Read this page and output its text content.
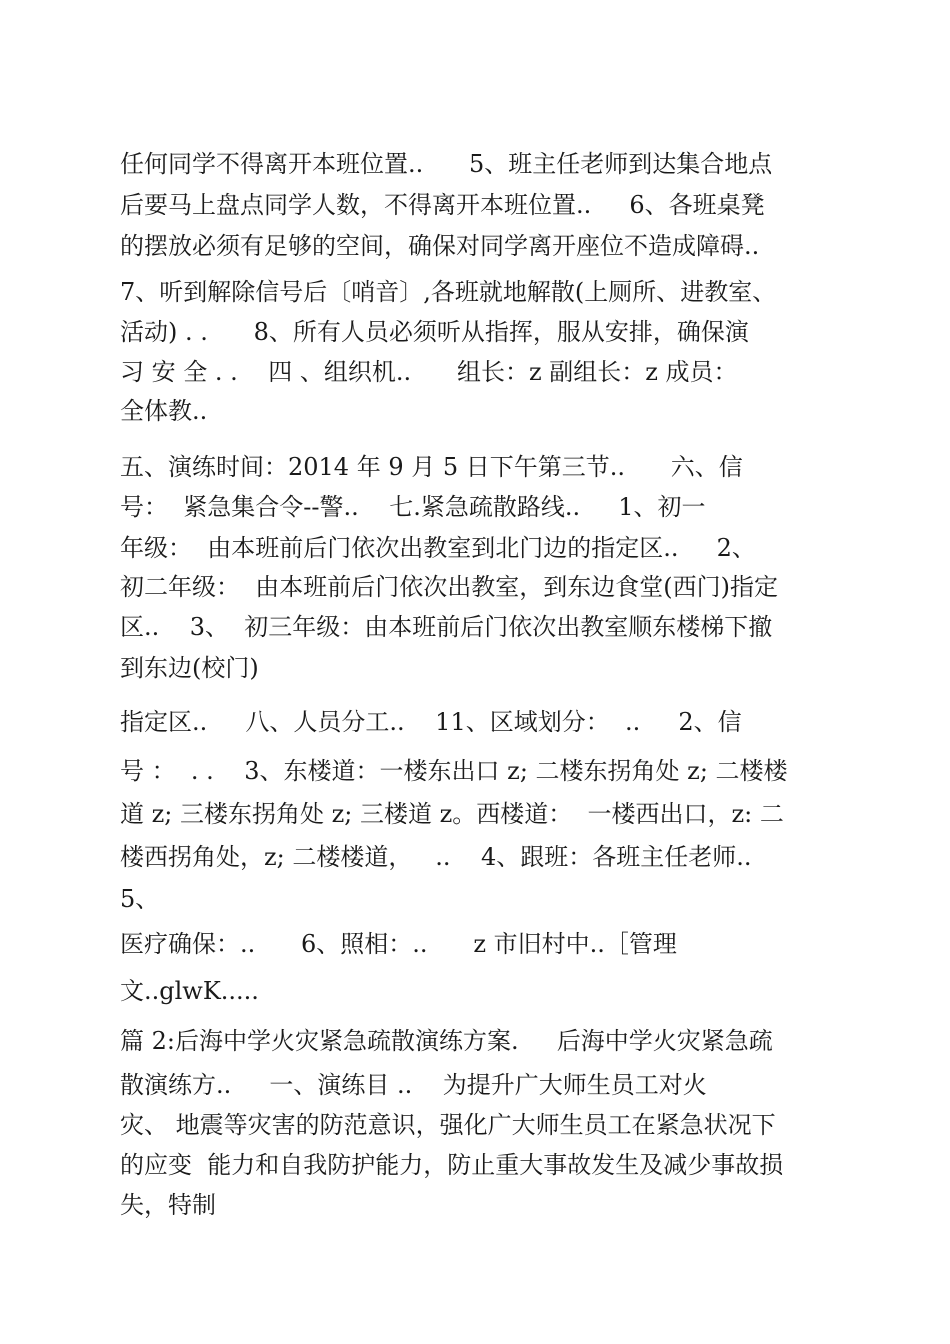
任何同学不得离开本班位置..      5、班主任老师到达集合地点
后要马上盘点同学人数，不得离开本班位置..     6、各班桌凳
的摆放必须有足够的空间，确保对同学离开座位不造成障碍..
7、听到解除信号后〔哨音〕,各班就地解散(上厕所、进教室、
活动) . .      8、所有人员必须听从指挥，服从安排，确保演
习 安 全 . .    四 、组织机..      组长：z 副组长：z 成员：
全体教..
五、演练时间：2014 年 9 月 5 日下午第三节..      六、信
号：  紧急集合令--警..    七.紧急疏散路线..     1、初一
年级：  由本班前后门依次出教室到北门边的指定区..     2、
初二年级：  由本班前后门依次出教室，到东边食堂(西门)指定
区..    3、  初三年级：由本班前后门依次出教室顺东楼梯下撤
到东边(校门)
指定区..     八、人员分工..    11、区域划分：  ..     2、信
号 ：  . .    3、东楼道：一楼东出口 z; 二楼东拐角处 z; 二楼楼
道 z; 三楼东拐角处 z; 三楼道 z。西楼道：  一楼西出口，z: 二
楼西拐角处，z; 二楼楼道，   ..    4、跟班：各班主任老师..
5、
医疗确保：..      6、照相：..      z 市旧村中..［管理
文..glwK.....
篇 2:后海中学火灾紧急疏散演练方案.     后海中学火灾紧急疏
散演练方..     一、演练目 ..    为提升广大师生员工对火
灾、 地震等灾害的防范意识，强化广大师生员工在紧急状况下
的应变  能力和自我防护能力，防止重大事故发生及减少事故损
失，特制
